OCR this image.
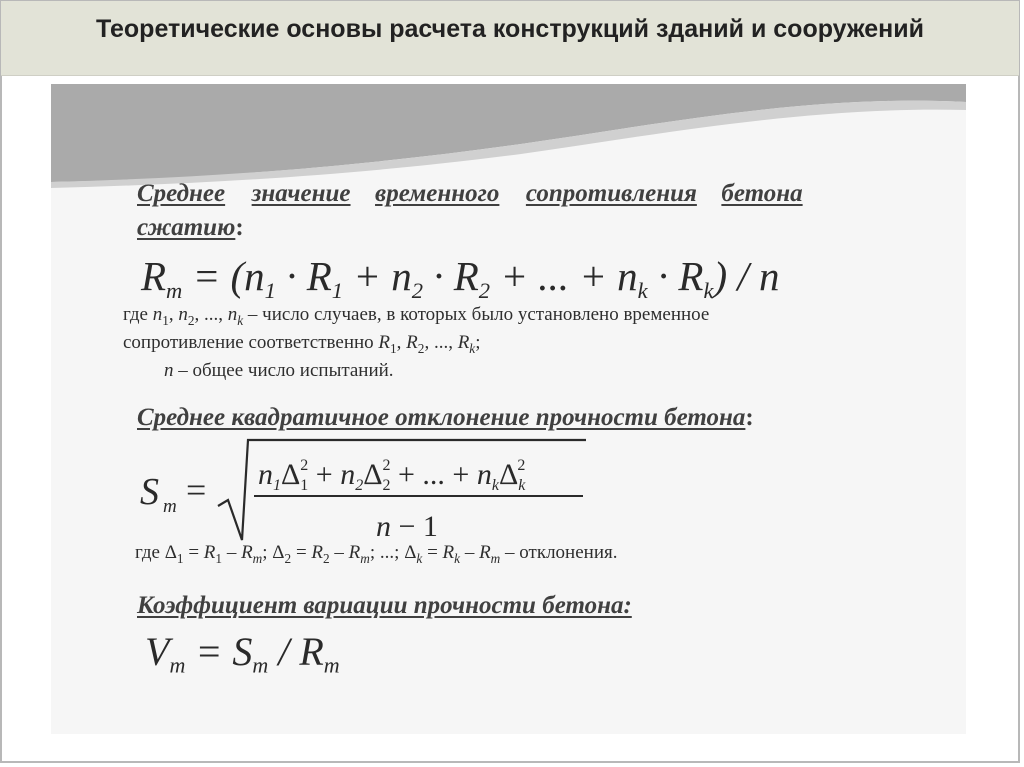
Теоретические основы расчета конструкций зданий и сооружений
Среднее значение временного сопротивления бетона
сжатию:
$R_m = (n_1 \cdot R_1 + n_2 \cdot R_2$ + ... + $n_k \cdot R_k) / n$
где $n_1$, $n_2$, ..., $n_k$ – число случаев, в которых было установлено временное
сопротивление соответственно $R_1$, $R_2$, ..., $R_k$;
n – общее число испытаний.
Среднее квадратичное отклонение прочности бетона:
S $m = n_1\Delta_12 + n_2\Delta_22$ + ... + $n_k\Delta_k2$
n − 1
где $\Delta_1 = R_1 - R_m$; $\Delta_2 = R_2 - R_m$; ...; $\Delta_k = R_k - R_m$ – отклонения.
Коэффициент вариации прочности бетона:
$V_m = S_m / R_m$
